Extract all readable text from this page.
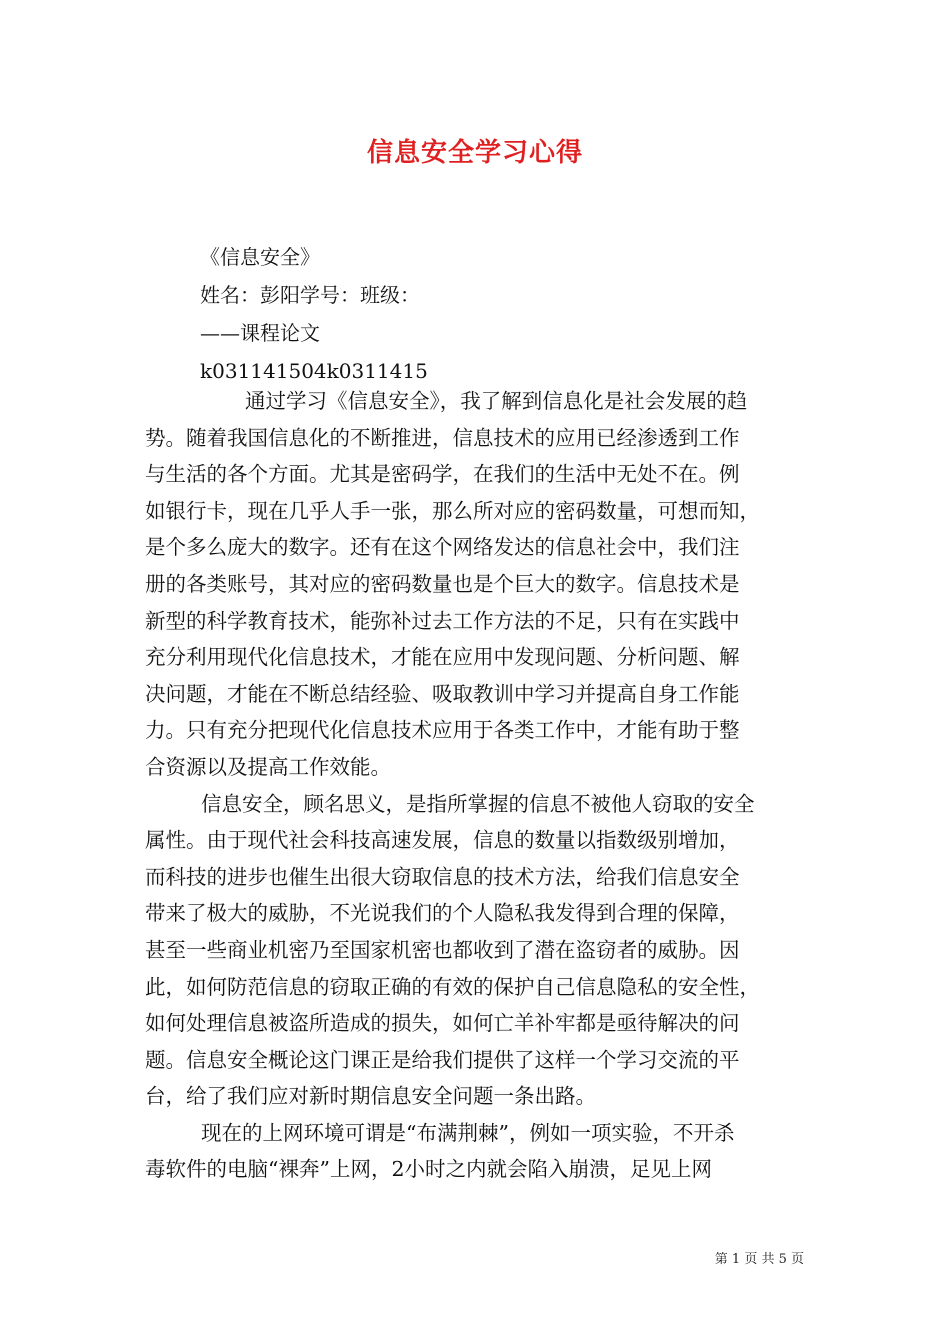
信息安全学习心得
《信息安全》
姓名：彭阳学号：班级：
——课程论文
k031141504k0311415
通过学习《信息安全》，我了解到信息化是社会发展的趋
势。随着我国信息化的不断推进，信息技术的应用已经渗透到工作
与生活的各个方面。尤其是密码学，在我们的生活中无处不在。例
如银行卡，现在几乎人手一张，那么所对应的密码数量，可想而知，
是个多么庞大的数字。还有在这个网络发达的信息社会中，我们注
册的各类账号，其对应的密码数量也是个巨大的数字。信息技术是
新型的科学教育技术，能弥补过去工作方法的不足，只有在实践中
充分利用现代化信息技术，才能在应用中发现问题、分析问题、解
决问题，才能在不断总结经验、吸取教训中学习并提高自身工作能
力。只有充分把现代化信息技术应用于各类工作中，才能有助于整
合资源以及提高工作效能。
信息安全，顾名思义，是指所掌握的信息不被他人窃取的安全
属性。由于现代社会科技高速发展，信息的数量以指数级别增加，
而科技的进步也催生出很大窃取信息的技术方法，给我们信息安全
带来了极大的威胁，不光说我们的个人隐私我发得到合理的保障，
甚至一些商业机密乃至国家机密也都收到了潜在盗窃者的威胁。因
此，如何防范信息的窃取正确的有效的保护自己信息隐私的安全性，
如何处理信息被盗所造成的损失，如何亡羊补牢都是亟待解决的问
题。信息安全概论这门课正是给我们提供了这样一个学习交流的平
台，给了我们应对新时期信息安全问题一条出路。
现在的上网环境可谓是“布满荆棘”，例如一项实验，不开杀
毒软件的电脑“裸奔”上网，2小时之内就会陷入崩溃，足见上网
第 1 页 共 5 页
